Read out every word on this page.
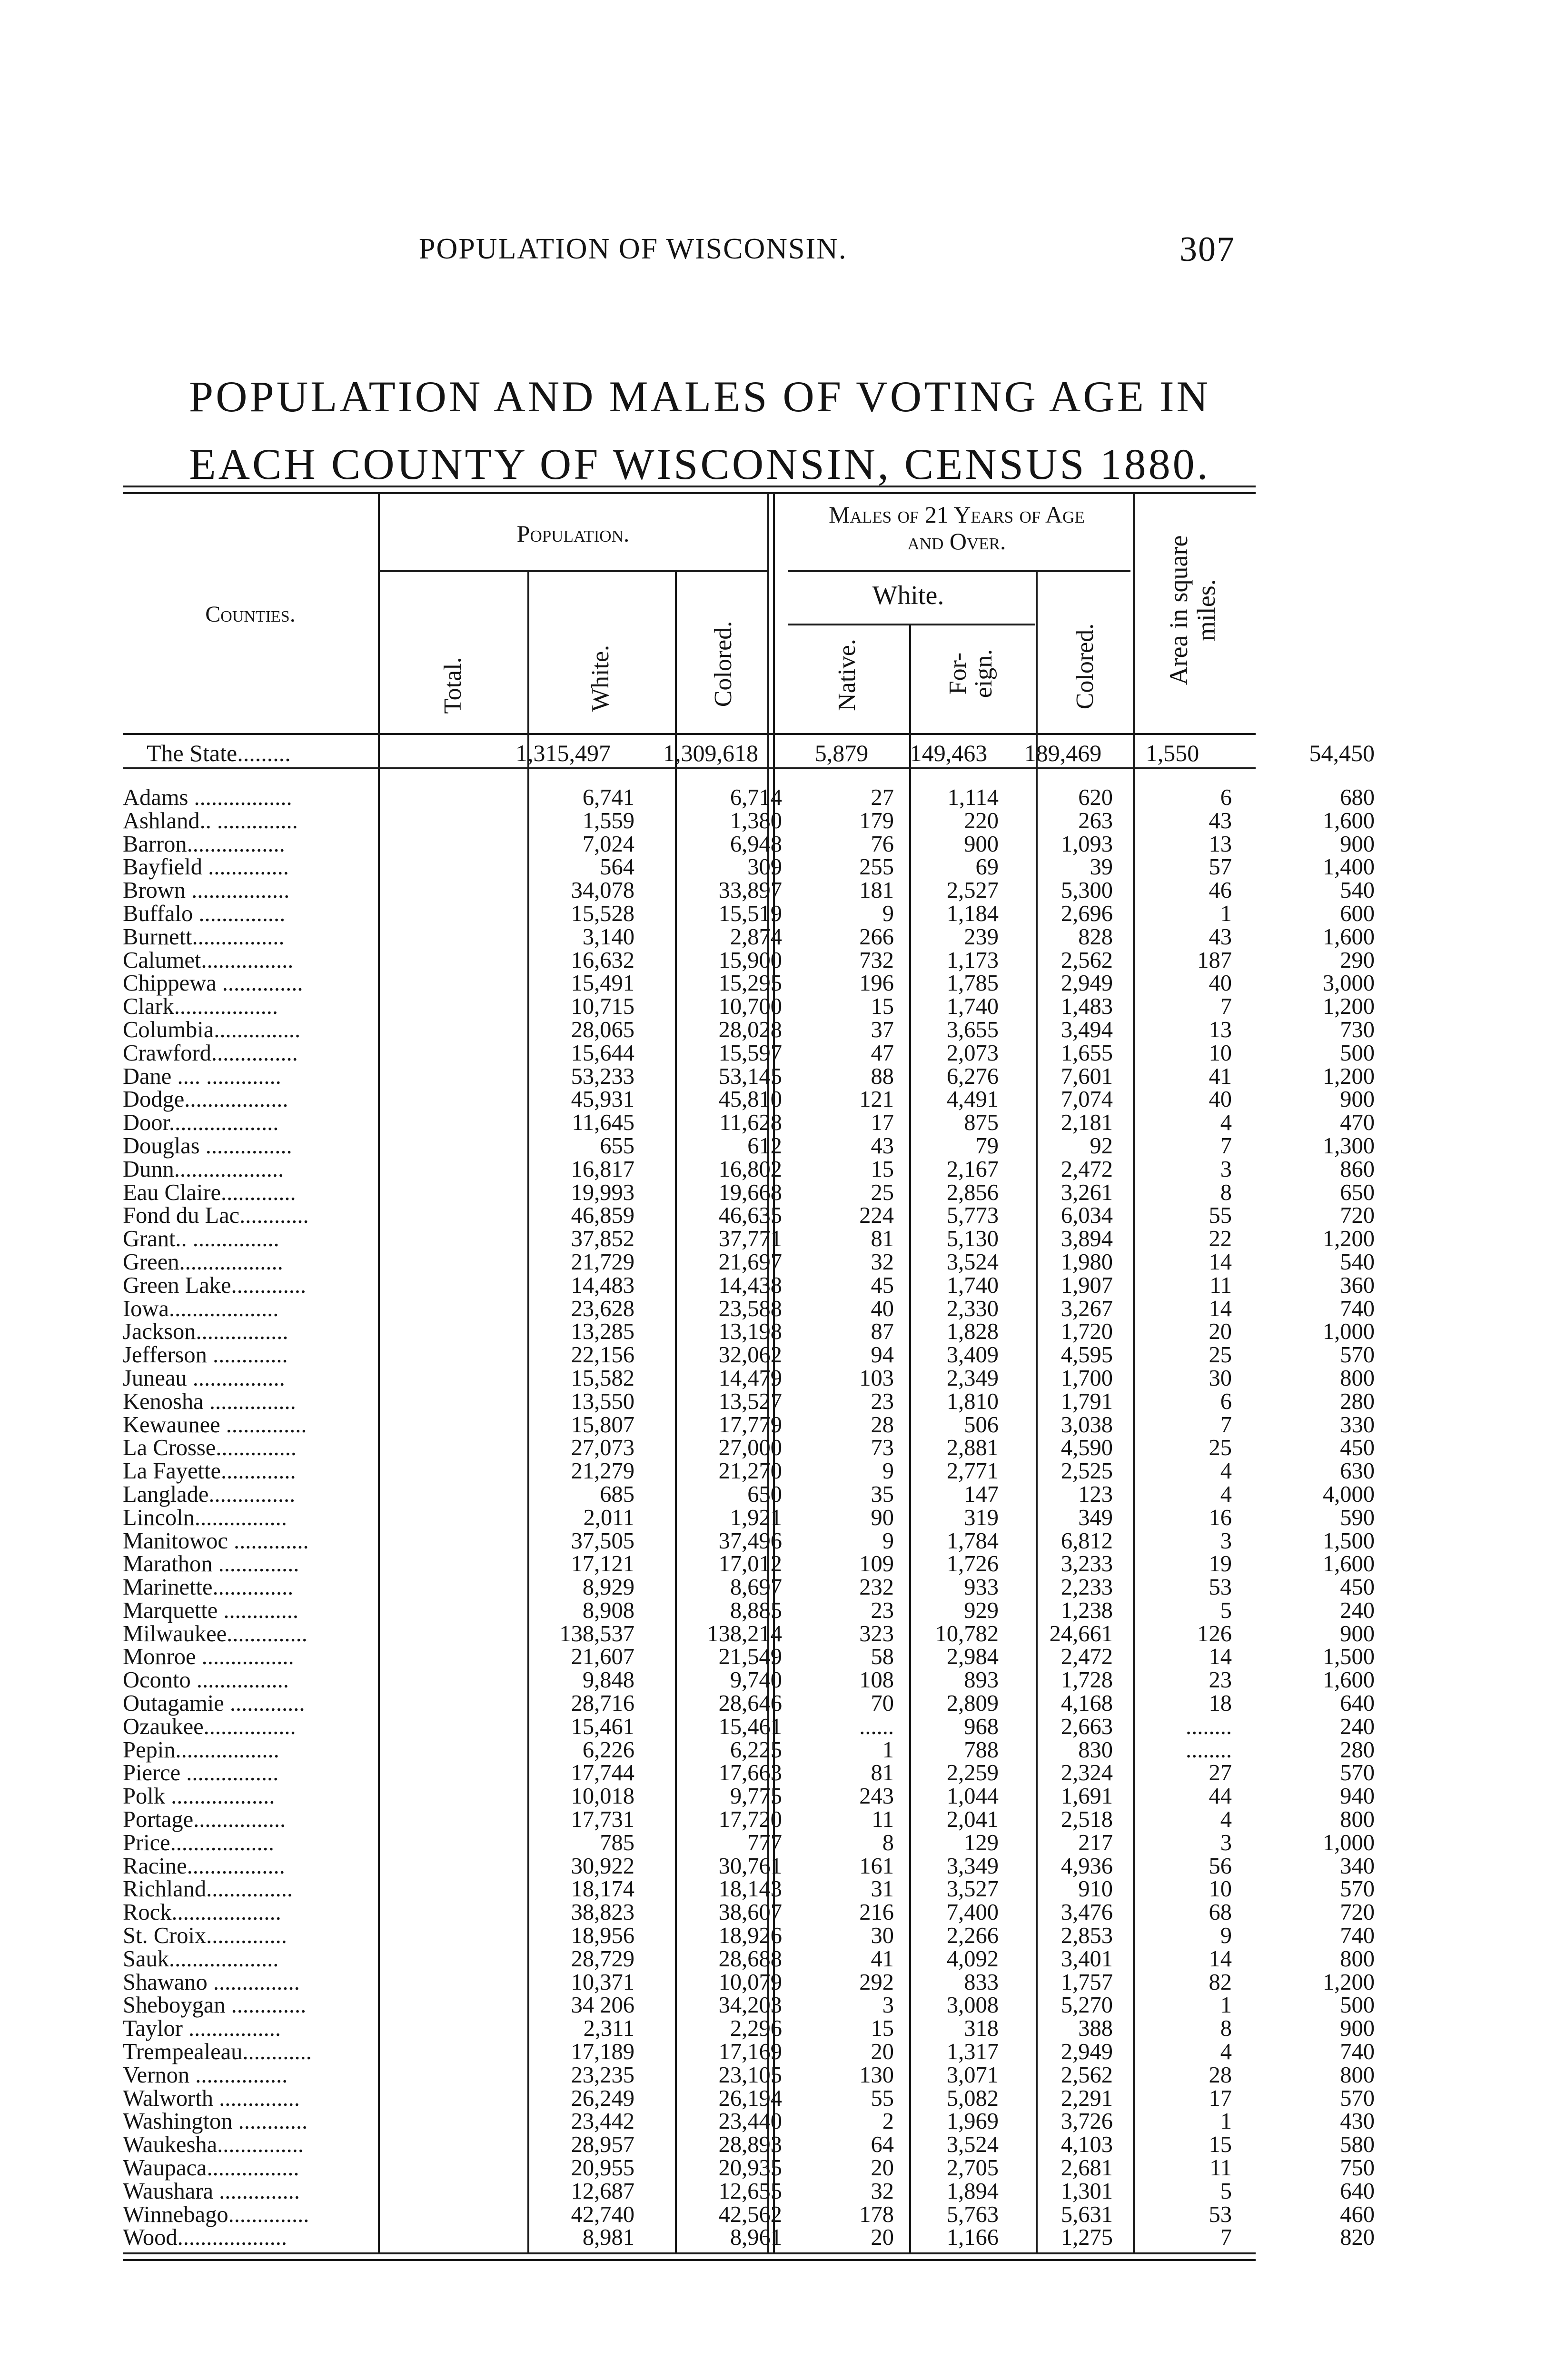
POPULATION OF WISCONSIN.	307
POPULATION AND MALES OF VOTING AGE IN
EACH COUNTY OF WISCONSIN, CENSUS 1880.
Counties.
Population.
Males of 21 Years of Age
and Over.
White.
Total.	White.	Colored.	Native.	For-
eign.	Colored.	Area in square
miles.
The State.........	1,315,497	1,309,618	5,879	149,463	189,469	1,550	54,450
Adams .................	6,741	6,714	27	1,114	620	6	680
Ashland.. ..............	1,559	1,380	179	220	263	43	1,600
Barron.................	7,024	6,948	76	900	1,093	13	900
Bayfield ..............	564	309	255	69	39	57	1,400
Brown .................	34,078	33,897	181	2,527	5,300	46	540
Buffalo ...............	15,528	15,519	9	1,184	2,696	1	600
Burnett................	3,140	2,874	266	239	828	43	1,600
Calumet................	16,632	15,900	732	1,173	2,562	187	290
Chippewa ..............	15,491	15,295	196	1,785	2,949	40	3,000
Clark..................	10,715	10,700	15	1,740	1,483	7	1,200
Columbia...............	28,065	28,028	37	3,655	3,494	13	730
Crawford...............	15,644	15,597	47	2,073	1,655	10	500
Dane .... .............	53,233	53,145	88	6,276	7,601	41	1,200
Dodge..................	45,931	45,810	121	4,491	7,074	40	900
Door...................	11,645	11,628	17	875	2,181	4	470
Douglas ...............	655	612	43	79	92	7	1,300
Dunn...................	16,817	16,802	15	2,167	2,472	3	860
Eau Claire.............	19,993	19,668	25	2,856	3,261	8	650
Fond du Lac............	46,859	46,635	224	5,773	6,034	55	720
Grant.. ...............	37,852	37,771	81	5,130	3,894	22	1,200
Green..................	21,729	21,697	32	3,524	1,980	14	540
Green Lake.............	14,483	14,438	45	1,740	1,907	11	360
Iowa...................	23,628	23,588	40	2,330	3,267	14	740
Jackson................	13,285	13,198	87	1,828	1,720	20	1,000
Jefferson .............	22,156	32,062	94	3,409	4,595	25	570
Juneau ................	15,582	14,479	103	2,349	1,700	30	800
Kenosha ...............	13,550	13,527	23	1,810	1,791	6	280
Kewaunee ..............	15,807	17,779	28	506	3,038	7	330
La Crosse..............	27,073	27,000	73	2,881	4,590	25	450
La Fayette.............	21,279	21,270	9	2,771	2,525	4	630
Langlade...............	685	650	35	147	123	4	4,000
Lincoln................	2,011	1,921	90	319	349	16	590
Manitowoc .............	37,505	37,496	9	1,784	6,812	3	1,500
Marathon ..............	17,121	17,012	109	1,726	3,233	19	1,600
Marinette..............	8,929	8,697	232	933	2,233	53	450
Marquette .............	8,908	8,885	23	929	1,238	5	240
Milwaukee..............	138,537	138,214	323	10,782	24,661	126	900
Monroe ................	21,607	21,549	58	2,984	2,472	14	1,500
Oconto ................	9,848	9,740	108	893	1,728	23	1,600
Outagamie .............	28,716	28,646	70	2,809	4,168	18	640
Ozaukee................	15,461	15,461	......	968	2,663	........	240
Pepin..................	6,226	6,225	1	788	830	........	280
Pierce ................	17,744	17,663	81	2,259	2,324	27	570
Polk ..................	10,018	9,775	243	1,044	1,691	44	940
Portage................	17,731	17,720	11	2,041	2,518	4	800
Price..................	785	777	8	129	217	3	1,000
Racine.................	30,922	30,761	161	3,349	4,936	56	340
Richland...............	18,174	18,143	31	3,527	910	10	570
Rock...................	38,823	38,607	216	7,400	3,476	68	720
St. Croix..............	18,956	18,926	30	2,266	2,853	9	740
Sauk...................	28,729	28,688	41	4,092	3,401	14	800
Shawano ...............	10,371	10,079	292	833	1,757	82	1,200
Sheboygan .............	34 206	34,203	3	3,008	5,270	1	500
Taylor ................	2,311	2,296	15	318	388	8	900
Trempealeau............	17,189	17,169	20	1,317	2,949	4	740
Vernon ................	23,235	23,105	130	3,071	2,562	28	800
Walworth ..............	26,249	26,194	55	5,082	2,291	17	570
Washington ............	23,442	23,440	2	1,969	3,726	1	430
Waukesha...............	28,957	28,893	64	3,524	4,103	15	580
Waupaca................	20,955	20,935	20	2,705	2,681	11	750
Waushara ..............	12,687	12,655	32	1,894	1,301	5	640
Winnebago..............	42,740	42,562	178	5,763	5,631	53	460
Wood...................	8,981	8,961	20	1,166	1,275	7	820
